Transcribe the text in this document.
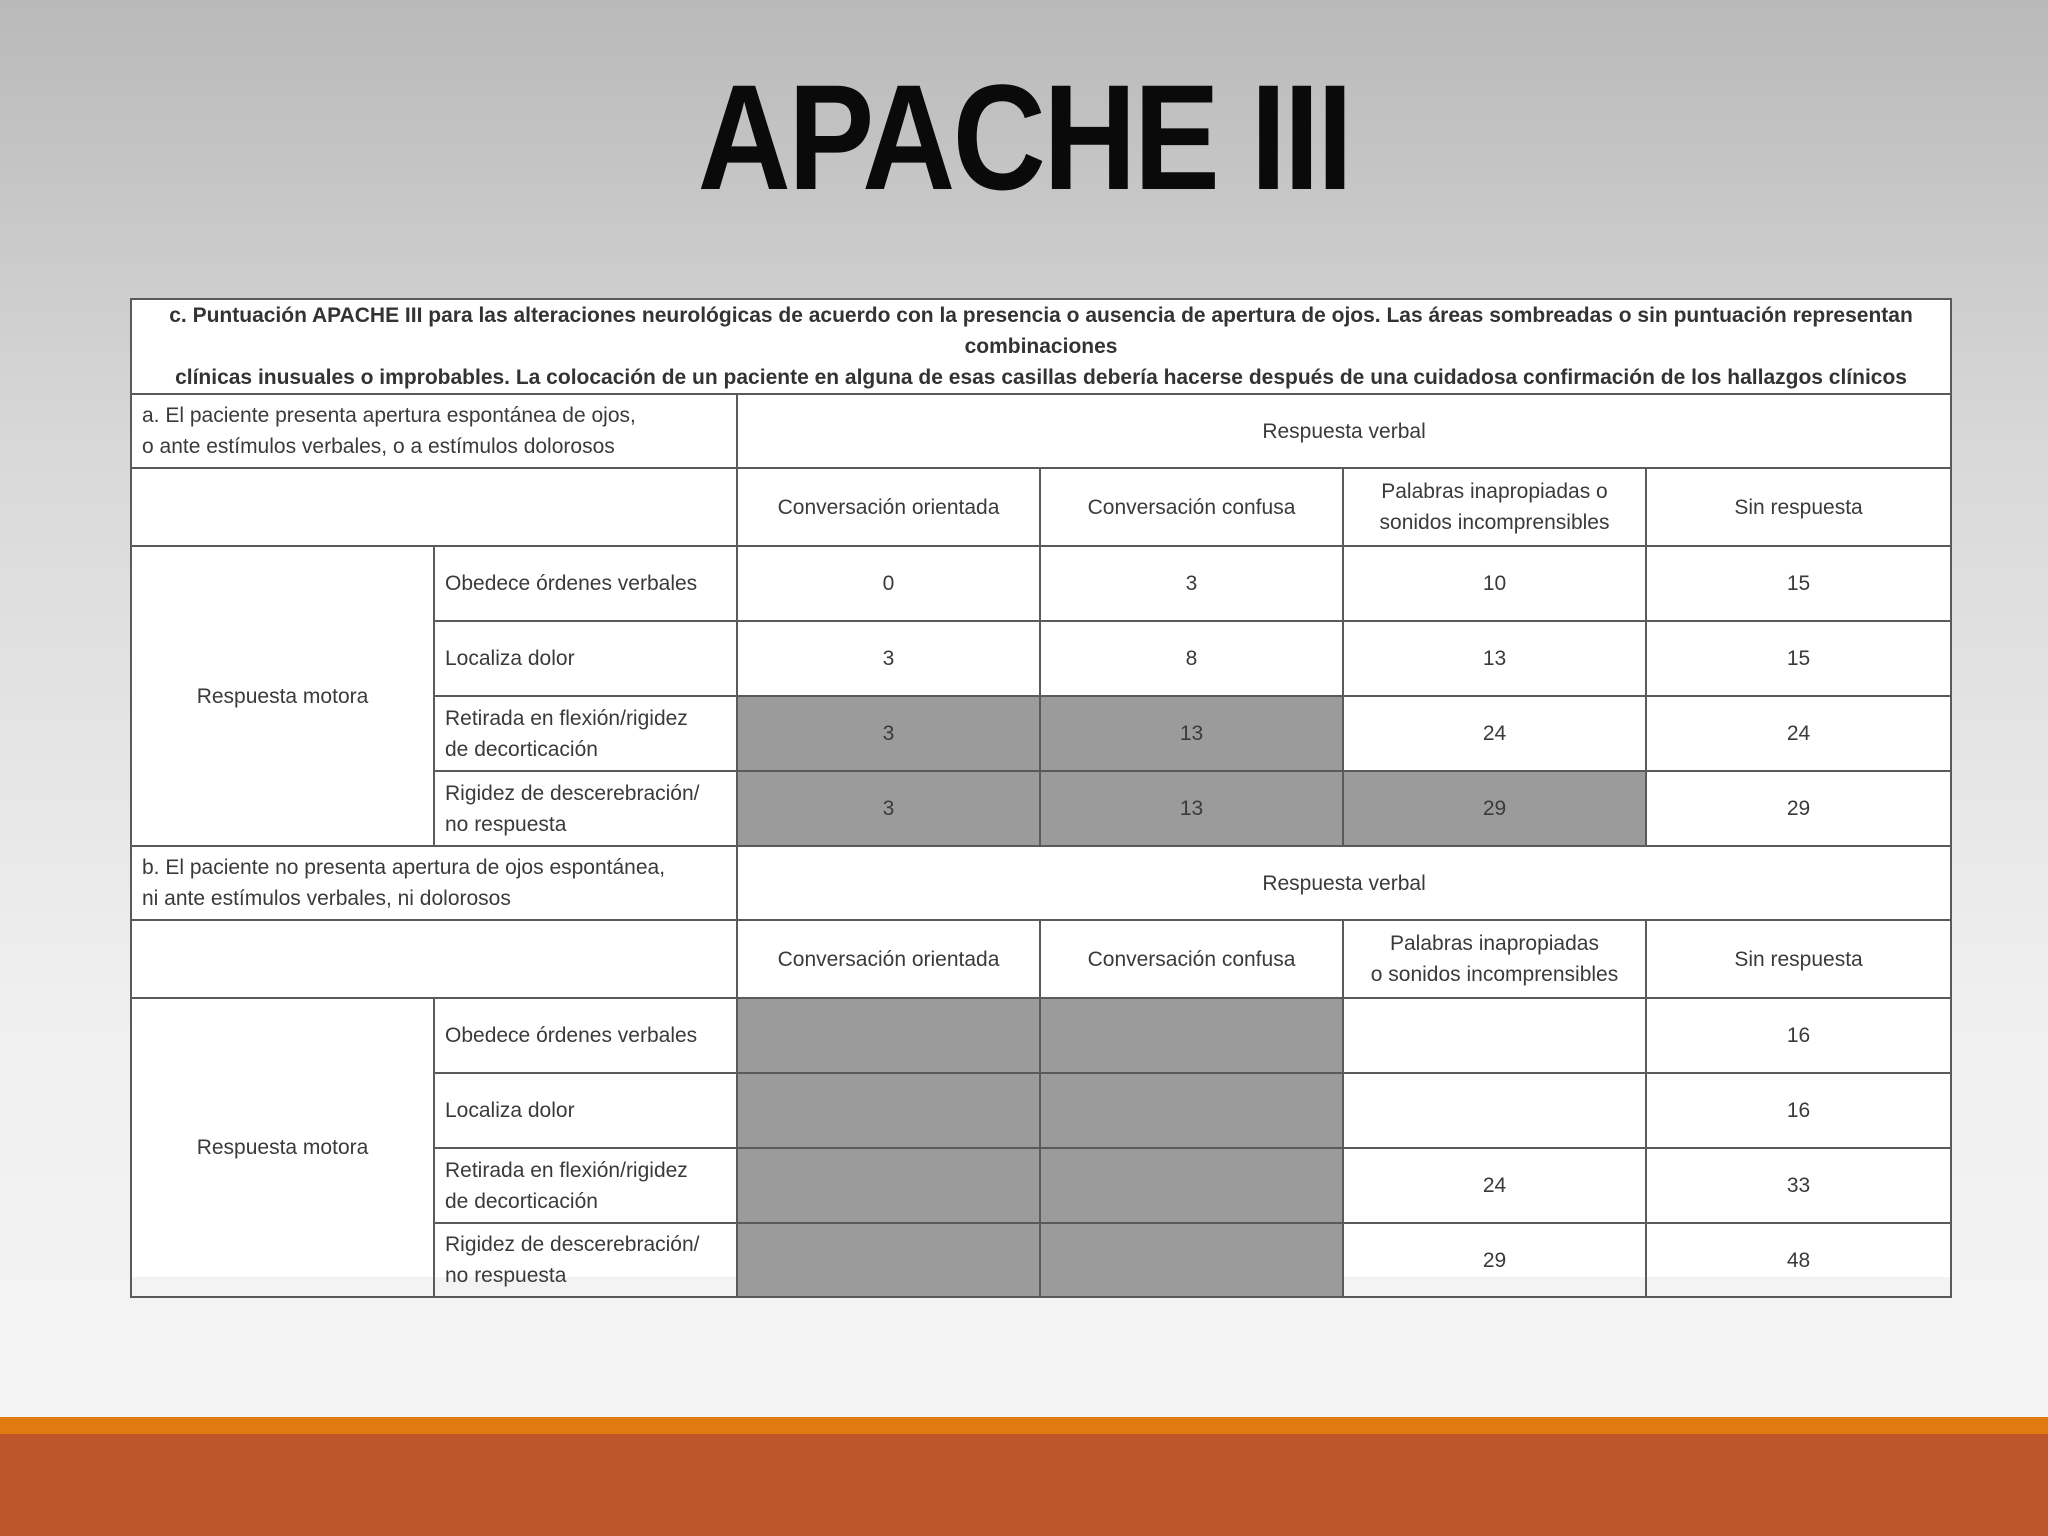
APACHE III
c. Puntuación APACHE III para las alteraciones neurológicas de acuerdo con la presencia o ausencia de apertura de ojos. Las áreas sombreadas o sin puntuación representan combinaciones
clínicas inusuales o improbables. La colocación de un paciente en alguna de esas casillas debería hacerse después de una cuidadosa confirmación de los hallazgos clínicos					

a. El paciente presenta apertura espontánea de ojos,
o ante estímulos verbales, o a estímulos dolorosos		Respuesta verbal			

		Conversación orientada	Conversación confusa	Palabras inapropiadas o
sonidos incomprensibles	Sin respuesta

Respuesta motora	Obedece órdenes verbales	0	3	10	15

	Localiza dolor	3	8	13	15

	Retirada en flexión/rigidez
de decorticación	3	13	24	24

	Rigidez de descerebración/
no respuesta	3	13	29	29

b. El paciente no presenta apertura de ojos espontánea,
ni ante estímulos verbales, ni dolorosos		Respuesta verbal			

		Conversación orientada	Conversación confusa	Palabras inapropiadas
o sonidos incomprensibles	Sin respuesta

Respuesta motora	Obedece órdenes verbales				16

	Localiza dolor				16

	Retirada en flexión/rigidez
de decorticación			24	33

	Rigidez de descerebración/
no respuesta			29	48
